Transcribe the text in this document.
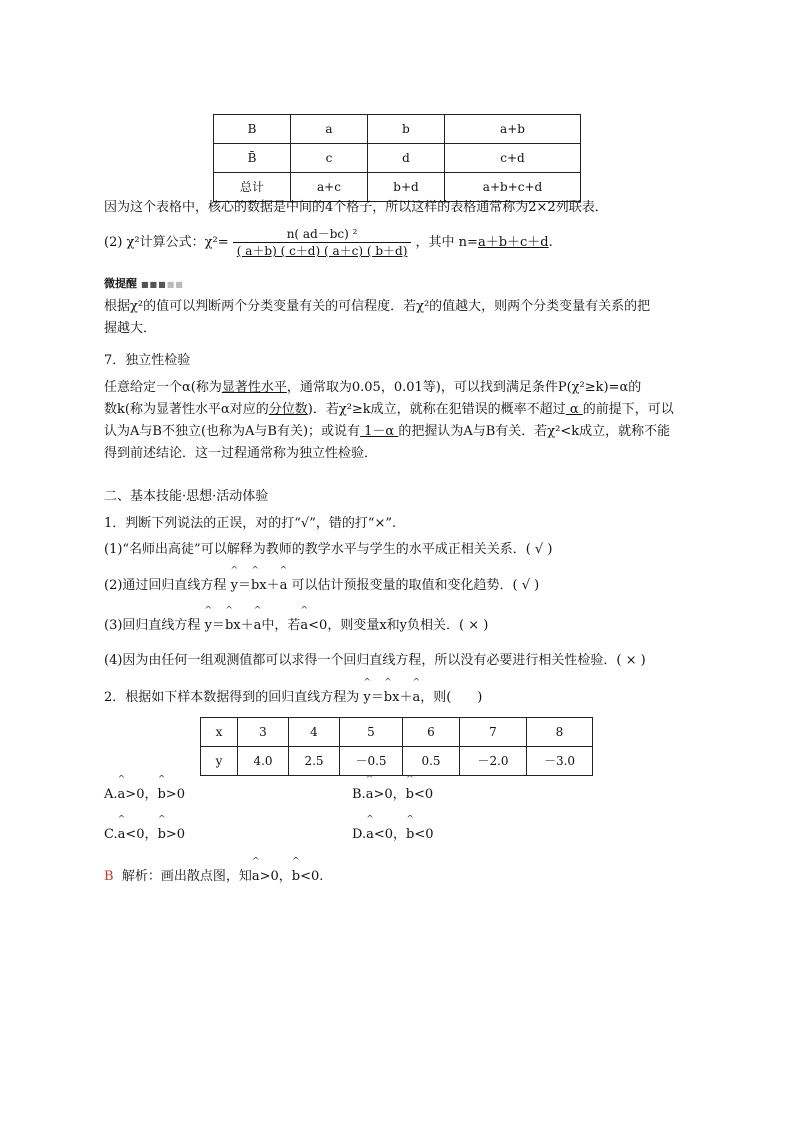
B	a	b	a+b
B̄	c	d	c+d
总计	a+c	b+d	a+b+c+d
因为这个表格中，核心的数据是中间的4个格子，所以这样的表格通常称为2×2列联表．
(2) χ²计算公式：$\chi^2= \frac{\text{n( ad－bc) ²}}{( a+b) ( c+d) ( a+c) ( b+d)}$ ，其中 n=a＋b＋c＋d.
微提醒 ■■■■■
根据χ²的值可以判断两个分类变量有关的可信程度．若χ²的值越大，则两个分类变量有关系的把
握越大．
7．独立性检验
任意给定一个α(称为显著性水平，通常取为0.05，0.01等)，可以找到满足条件P(χ²≥k)=α的
数k(称为显著性水平α对应的分位数)．若χ²≥k成立，就称在犯错误的概率不超过 α 的前提下，可以
认为A与B不独立(也称为A与B有关)；或说有 1－α 的把握认为A与B有关．若χ²<k成立，就称不能
得到前述结论．这一过程通常称为独立性检验．
二、基本技能·思想·活动体验
1．判断下列说法的正误，对的打“√”，错的打“×”.
(1)“名师出高徒”可以解释为教师的教学水平与学生的水平成正相关关系．( √ )
(2)通过回归直线方程 ^ y＝^ bx＋^ a 可以估计预报变量的取值和变化趋势．( √ )
(3)回归直线方程 ^ y＝^ bx＋^ a中，若^ a<0，则变量x和y负相关．( × )
(4)因为由任何一组观测值都可以求得一个回归直线方程，所以没有必要进行相关性检验．( × )
2．根据如下样本数据得到的回归直线方程为 ^ y＝^ bx＋^ a，则(　　)
x	3	4	5	6	7	8
y	4.0	2.5	－0.5	0.5	－2.0	－3.0
A.^ a>0，^ b>0	B.^ a>0，^ b<0
C.^ a<0，^ b>0	D.^ a<0，^ b<0
B 解析：画出散点图，知^ a>0，^ b<0.
